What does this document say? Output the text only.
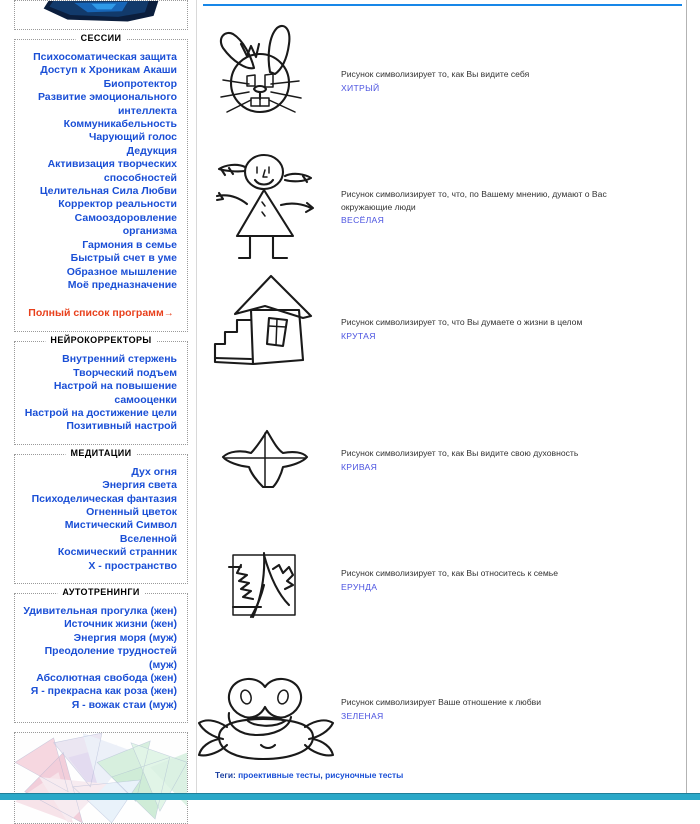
СЕССИИ
Психосоматическая защита
Доступ к Хроникам Акаши
Биопротектор
Развитие эмоционального
интеллекта
Коммуникабельность
Чарующий голос
Дедукция
Активизация творческих
способностей
Целительная Сила Любви
Корректор реальности
Самооздоровление организма
Гармония в семье
Быстрый счет в уме
Образное мышление
Моё предназначение
Полный список программ→
НЕЙРОКОРРЕКТОРЫ
Внутренний стержень
Творческий подъем
Настрой на повышение
самооценки
Настрой на достижение цели
Позитивный настрой
МЕДИТАЦИИ
Дух огня
Энергия света
Психоделическая фантазия
Огненный цветок
Мистический Символ Вселенной
Космический странник
Х - пространство
АУТОТРЕНИНГИ
Удивительная прогулка (жен)
Источник жизни (жен)
Энергия моря (муж)
Преодоление трудностей (муж)
Абсолютная свобода (жен)
Я - прекрасна как роза (жен)
Я - вожак стаи (муж)

Рисунок символизирует то, как Вы видите себя

ХИТРЫЙ

Рисунок символизирует то, что, по Вашему мнению, думают о Вас окружающие люди

ВЕСЁЛАЯ

Рисунок символизирует то, что Вы думаете о жизни в целом

КРУТАЯ

Рисунок символизирует то, как Вы видите свою духовность

КРИВАЯ

Рисунок символизирует то, как Вы относитесь к семье

ЕРУНДА

Рисунок символизирует Ваше отношение к любви

ЗЕЛЕНАЯ

Теги: проективные тесты, рисуночные тесты
